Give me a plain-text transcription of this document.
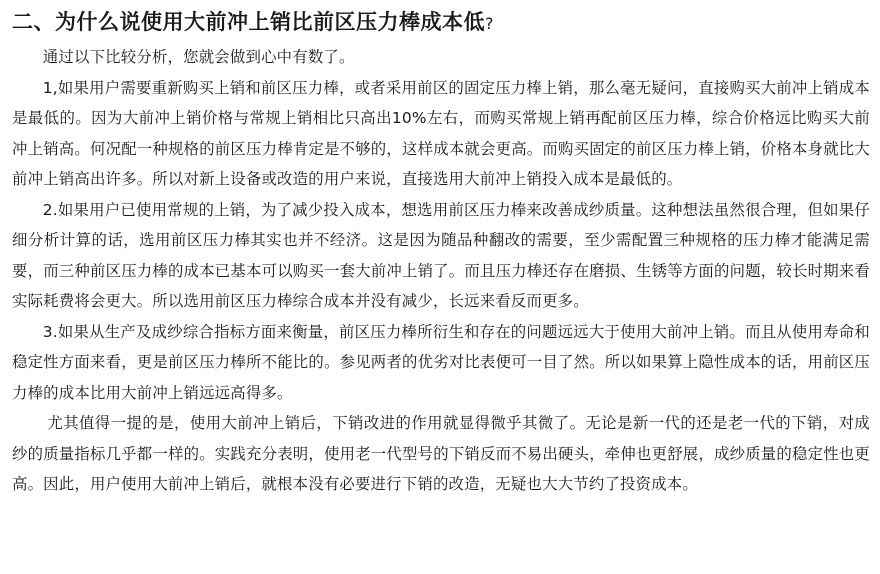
二、为什么说使用大前冲上销比前区压力棒成本低?

通过以下比较分析，您就会做到心中有数了。

1,如果用户需要重新购买上销和前区压力棒，或者采用前区的固定压力棒上销，那么毫无疑问，直接购买大前冲上销成本是最低的。因为大前冲上销价格与常规上销相比只高出10%左右，而购买常规上销再配前区压力棒，综合价格远比购买大前冲上销高。何况配一种规格的前区压力棒肯定是不够的，这样成本就会更高。而购买固定的前区压力棒上销，价格本身就比大前冲上销高出许多。所以对新上设备或改造的用户来说，直接选用大前冲上销投入成本是最低的。

2.如果用户已使用常规的上销，为了减少投入成本，想选用前区压力棒来改善成纱质量。这种想法虽然很合理，但如果仔细分析计算的话，选用前区压力棒其实也并不经济。这是因为随品种翻改的需要，至少需配置三种规格的压力棒才能满足需要，而三种前区压力棒的成本已基本可以购买一套大前冲上销了。而且压力棒还存在磨损、生锈等方面的问题，较长时期来看实际耗费将会更大。所以选用前区压力棒综合成本并没有减少，长远来看反而更多。

3.如果从生产及成纱综合指标方面来衡量，前区压力棒所衍生和存在的问题远远大于使用大前冲上销。而且从使用寿命和稳定性方面来看，更是前区压力棒所不能比的。参见两者的优劣对比表便可一目了然。所以如果算上隐性成本的话，用前区压力棒的成本比用大前冲上销远远高得多。

尤其值得一提的是，使用大前冲上销后，下销改进的作用就显得微乎其微了。无论是新一代的还是老一代的下销，对成纱的质量指标几乎都一样的。实践充分表明，使用老一代型号的下销反而不易出硬头，牵伸也更舒展，成纱质量的稳定性也更高。因此，用户使用大前冲上销后，就根本没有必要进行下销的改造，无疑也大大节约了投资成本。
